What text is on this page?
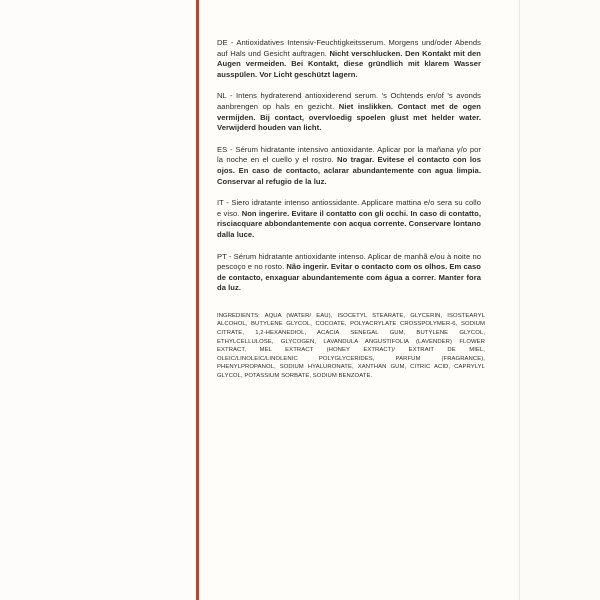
DE - Antioxidatives Intensiv-Feuchtigkeitsserum. Morgens und/oder Abends auf Hals und Gesicht auftragen. Nicht verschlucken. Den Kontakt mit den Augen vermeiden. Bei Kontakt, diese gründlich mit klarem Wasser ausspülen. Vor Licht geschützt lagern.

NL - Intens hydraterend antioxiderend serum. 's Ochtends en/of 's avonds aanbrengen op hals en gezicht. Niet inslikken. Contact met de ogen vermijden. Bij contact, overvloedig spoelen glust met helder water. Verwijderd houden van licht.

ES - Sérum hidratante intensivo antioxidante. Aplicar por la mañana y/o por la noche en el cuello y el rostro. No tragar. Evitese el contacto con los ojos. En caso de contacto, aclarar abundantemente con agua limpia. Conservar al refugio de la luz.

IT - Siero idratante intenso antiossidante. Applicare mattina e/o sera su collo e viso. Non ingerire. Evitare il contatto con gli occhi. In caso di contatto, risciacquare abbondantemente con acqua corrente. Conservare lontano dalla luce.

PT - Sérum hidratante antioxidante intenso. Aplicar de manhã e/ou à noite no pescoço e no rosto. Não ingerir. Evitar o contacto com os olhos. Em caso de contacto, enxaguar abundantemente com água a correr. Manter fora da luz.

INGREDIENTS: AQUA (WATER/ EAU), ISOCETYL STEARATE, GLYCERIN, ISOSTEARYL ALCOHOL, BUTYLENE GLYCOL, COCOATE, POLYACRYLATE CROSSPOLYMER-6, SODIUM CITRATE, 1,2-HEXANEDIOL, ACACIA SENEGAL GUM, BUTYLENE GLYCOL, ETHYLCELLULOSE, GLYCOGEN, LAVANDULA ANGUSTIFOLIA (LAVENDER) FLOWER EXTRACT, MEL EXTRACT (HONEY EXTRACT)/ EXTRAIT DE MIEL, OLEIC/LINOLEIC/LINOLENIC POLYGLYCERIDES, PARFUM (FRAGRANCE), PHENYLPROPANOL, SODIUM HYALURONATE, XANTHAN GUM, CITRIC ACID, CAPRYLYL GLYCOL, POTASSIUM SORBATE, SODIUM BENZOATE.
